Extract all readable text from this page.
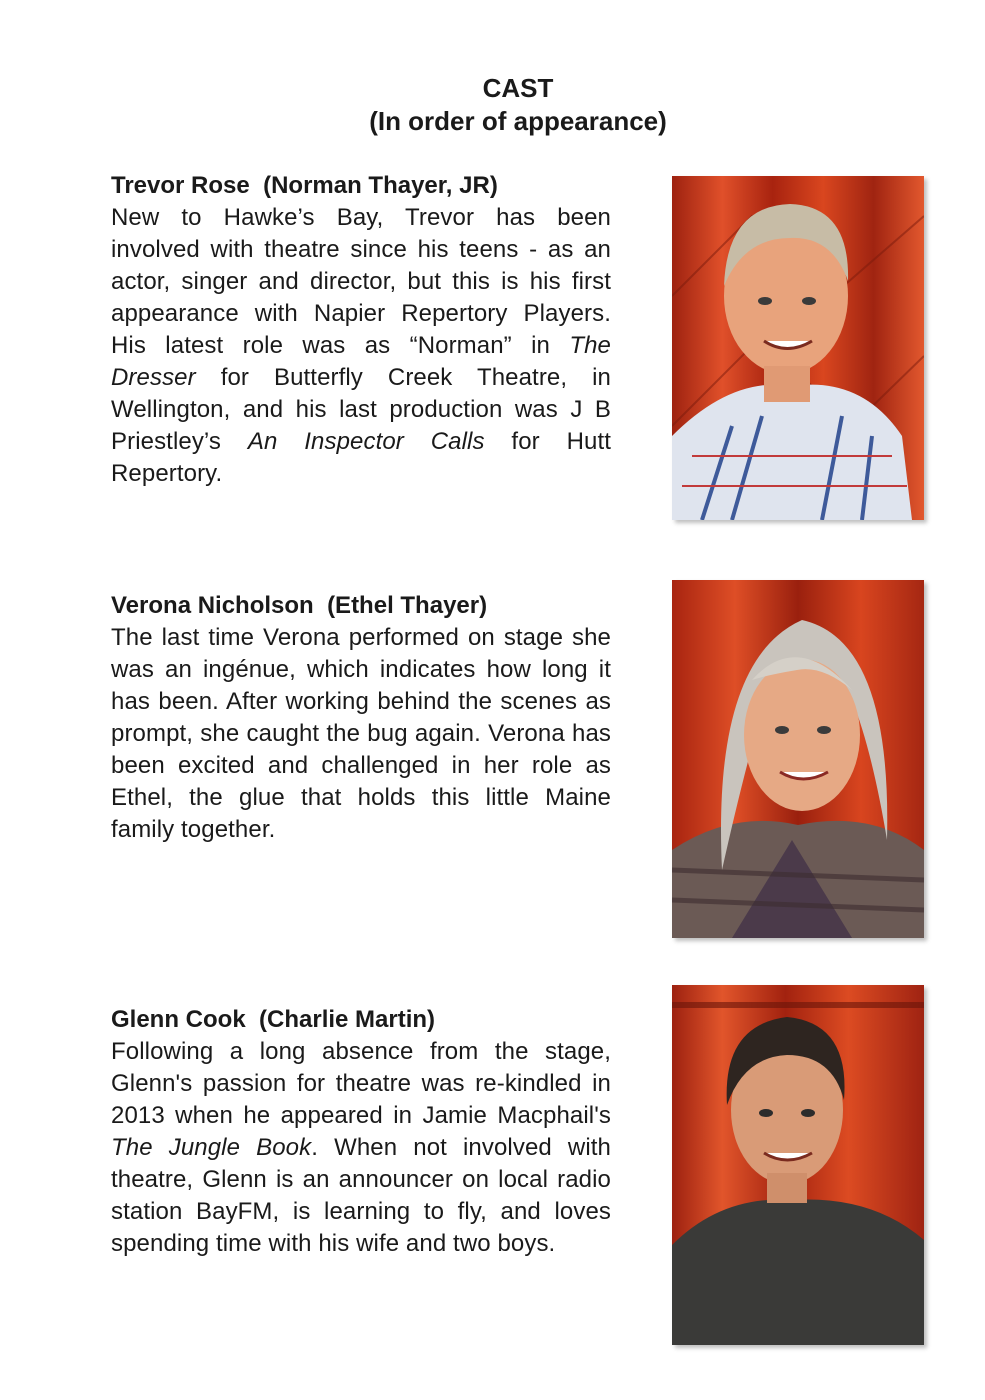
CAST
(In order of appearance)
Trevor Rose (Norman Thayer, JR)
New to Hawke’s Bay, Trevor has been involved with theatre since his teens - as an actor, singer and director, but this is his first appearance with Napier Repertory Players. His latest role was as “Norman” in The Dresser for Butterfly Creek Theatre, in Wellington, and his last production was J B Priestley’s An Inspector Calls for Hutt Repertory.
Verona Nicholson (Ethel Thayer)
The last time Verona performed on stage she was an ingénue, which indicates how long it has been. After working behind the scenes as prompt, she caught the bug again. Verona has been excited and challenged in her role as Ethel, the glue that holds this little Maine family together.
Glenn Cook (Charlie Martin)
Following a long absence from the stage, Glenn's passion for theatre was re-kindled in 2013 when he appeared in Jamie Macphail's The Jungle Book. When not involved with theatre, Glenn is an announcer on local radio station BayFM, is learning to fly, and loves spending time with his wife and two boys.
